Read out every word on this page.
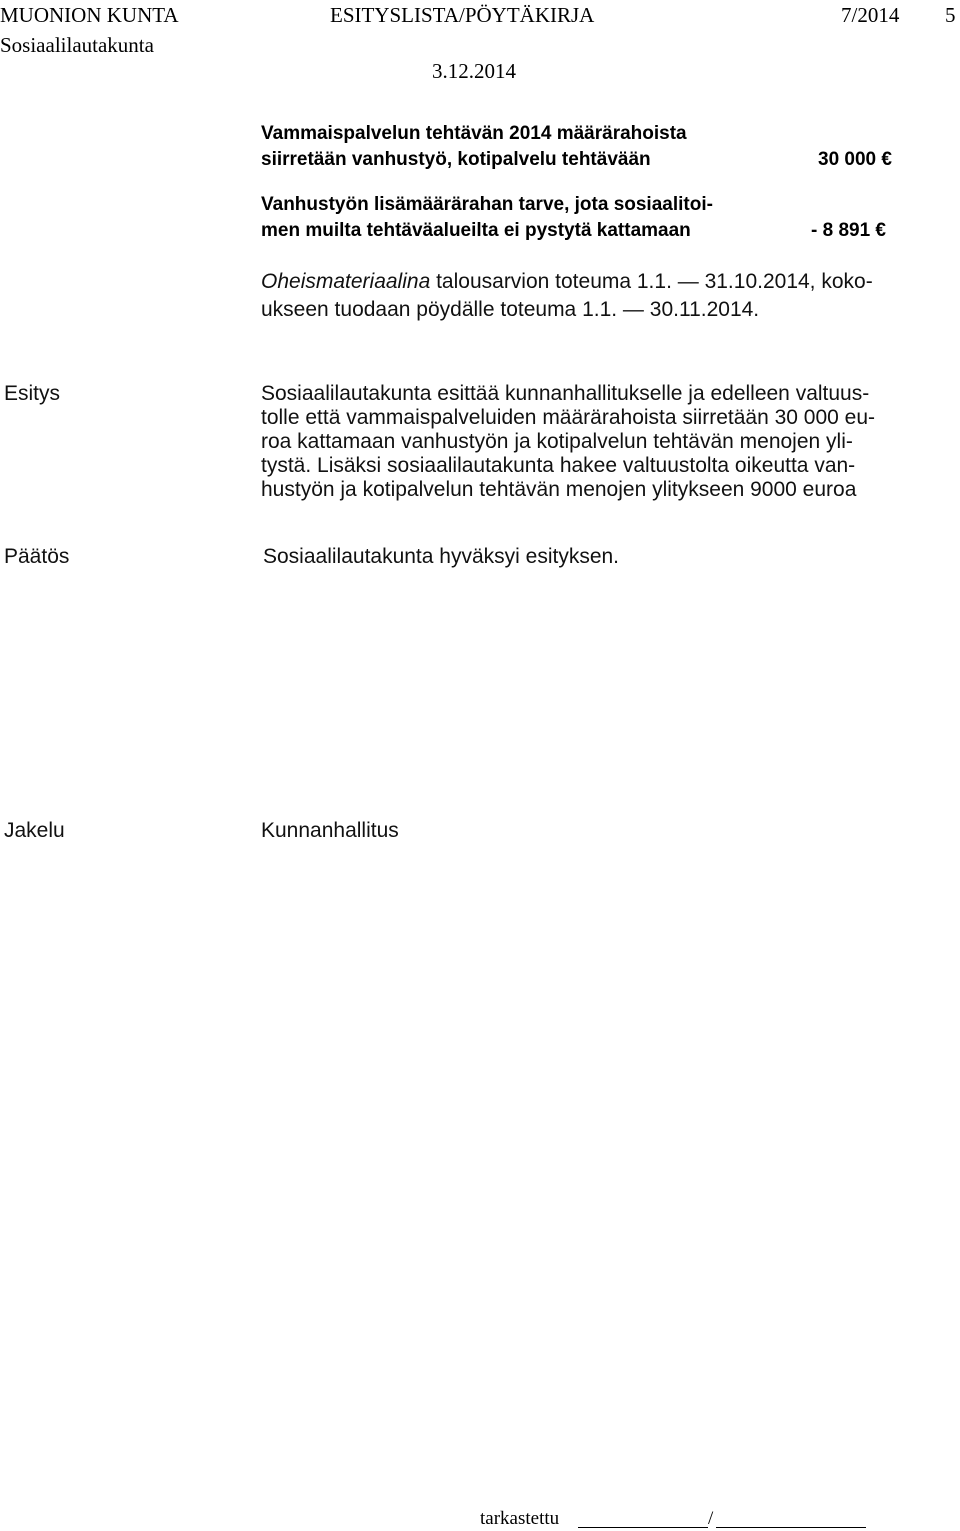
MUONION KUNTA	ESITYSLISTA/PÖYTÄKIRJA	7/2014 5
Sosiaalilautakunta
3.12.2014
Vammaispalvelun tehtävän 2014 määrärahoista
siirretään vanhustyö, kotipalvelu tehtävään	30 000 €
Vanhustyön lisämäärärahan tarve, jota sosiaalitoi-
men muilta tehtäväalueilta ei pystytä kattamaan	- 8 891 €
Oheismateriaalina talousarvion toteuma 1.1. — 31.10.2014, koko-
ukseen tuodaan pöydälle toteuma 1.1. — 30.11.2014.
Esitys	Sosiaalilautakunta esittää kunnanhallitukselle ja edelleen valtuus-
tolle että vammaispalveluiden määrärahoista siirretään 30 000 eu-
roa kattamaan vanhustyön ja kotipalvelun tehtävän menojen yli-
tystä. Lisäksi sosiaalilautakunta hakee valtuustolta oikeutta van-
hustyön ja kotipalvelun tehtävän menojen ylitykseen 9000 euroa
Päätös	Sosiaalilautakunta hyväksyi esityksen.
Jakelu	Kunnanhallitus
tarkastettu	/
